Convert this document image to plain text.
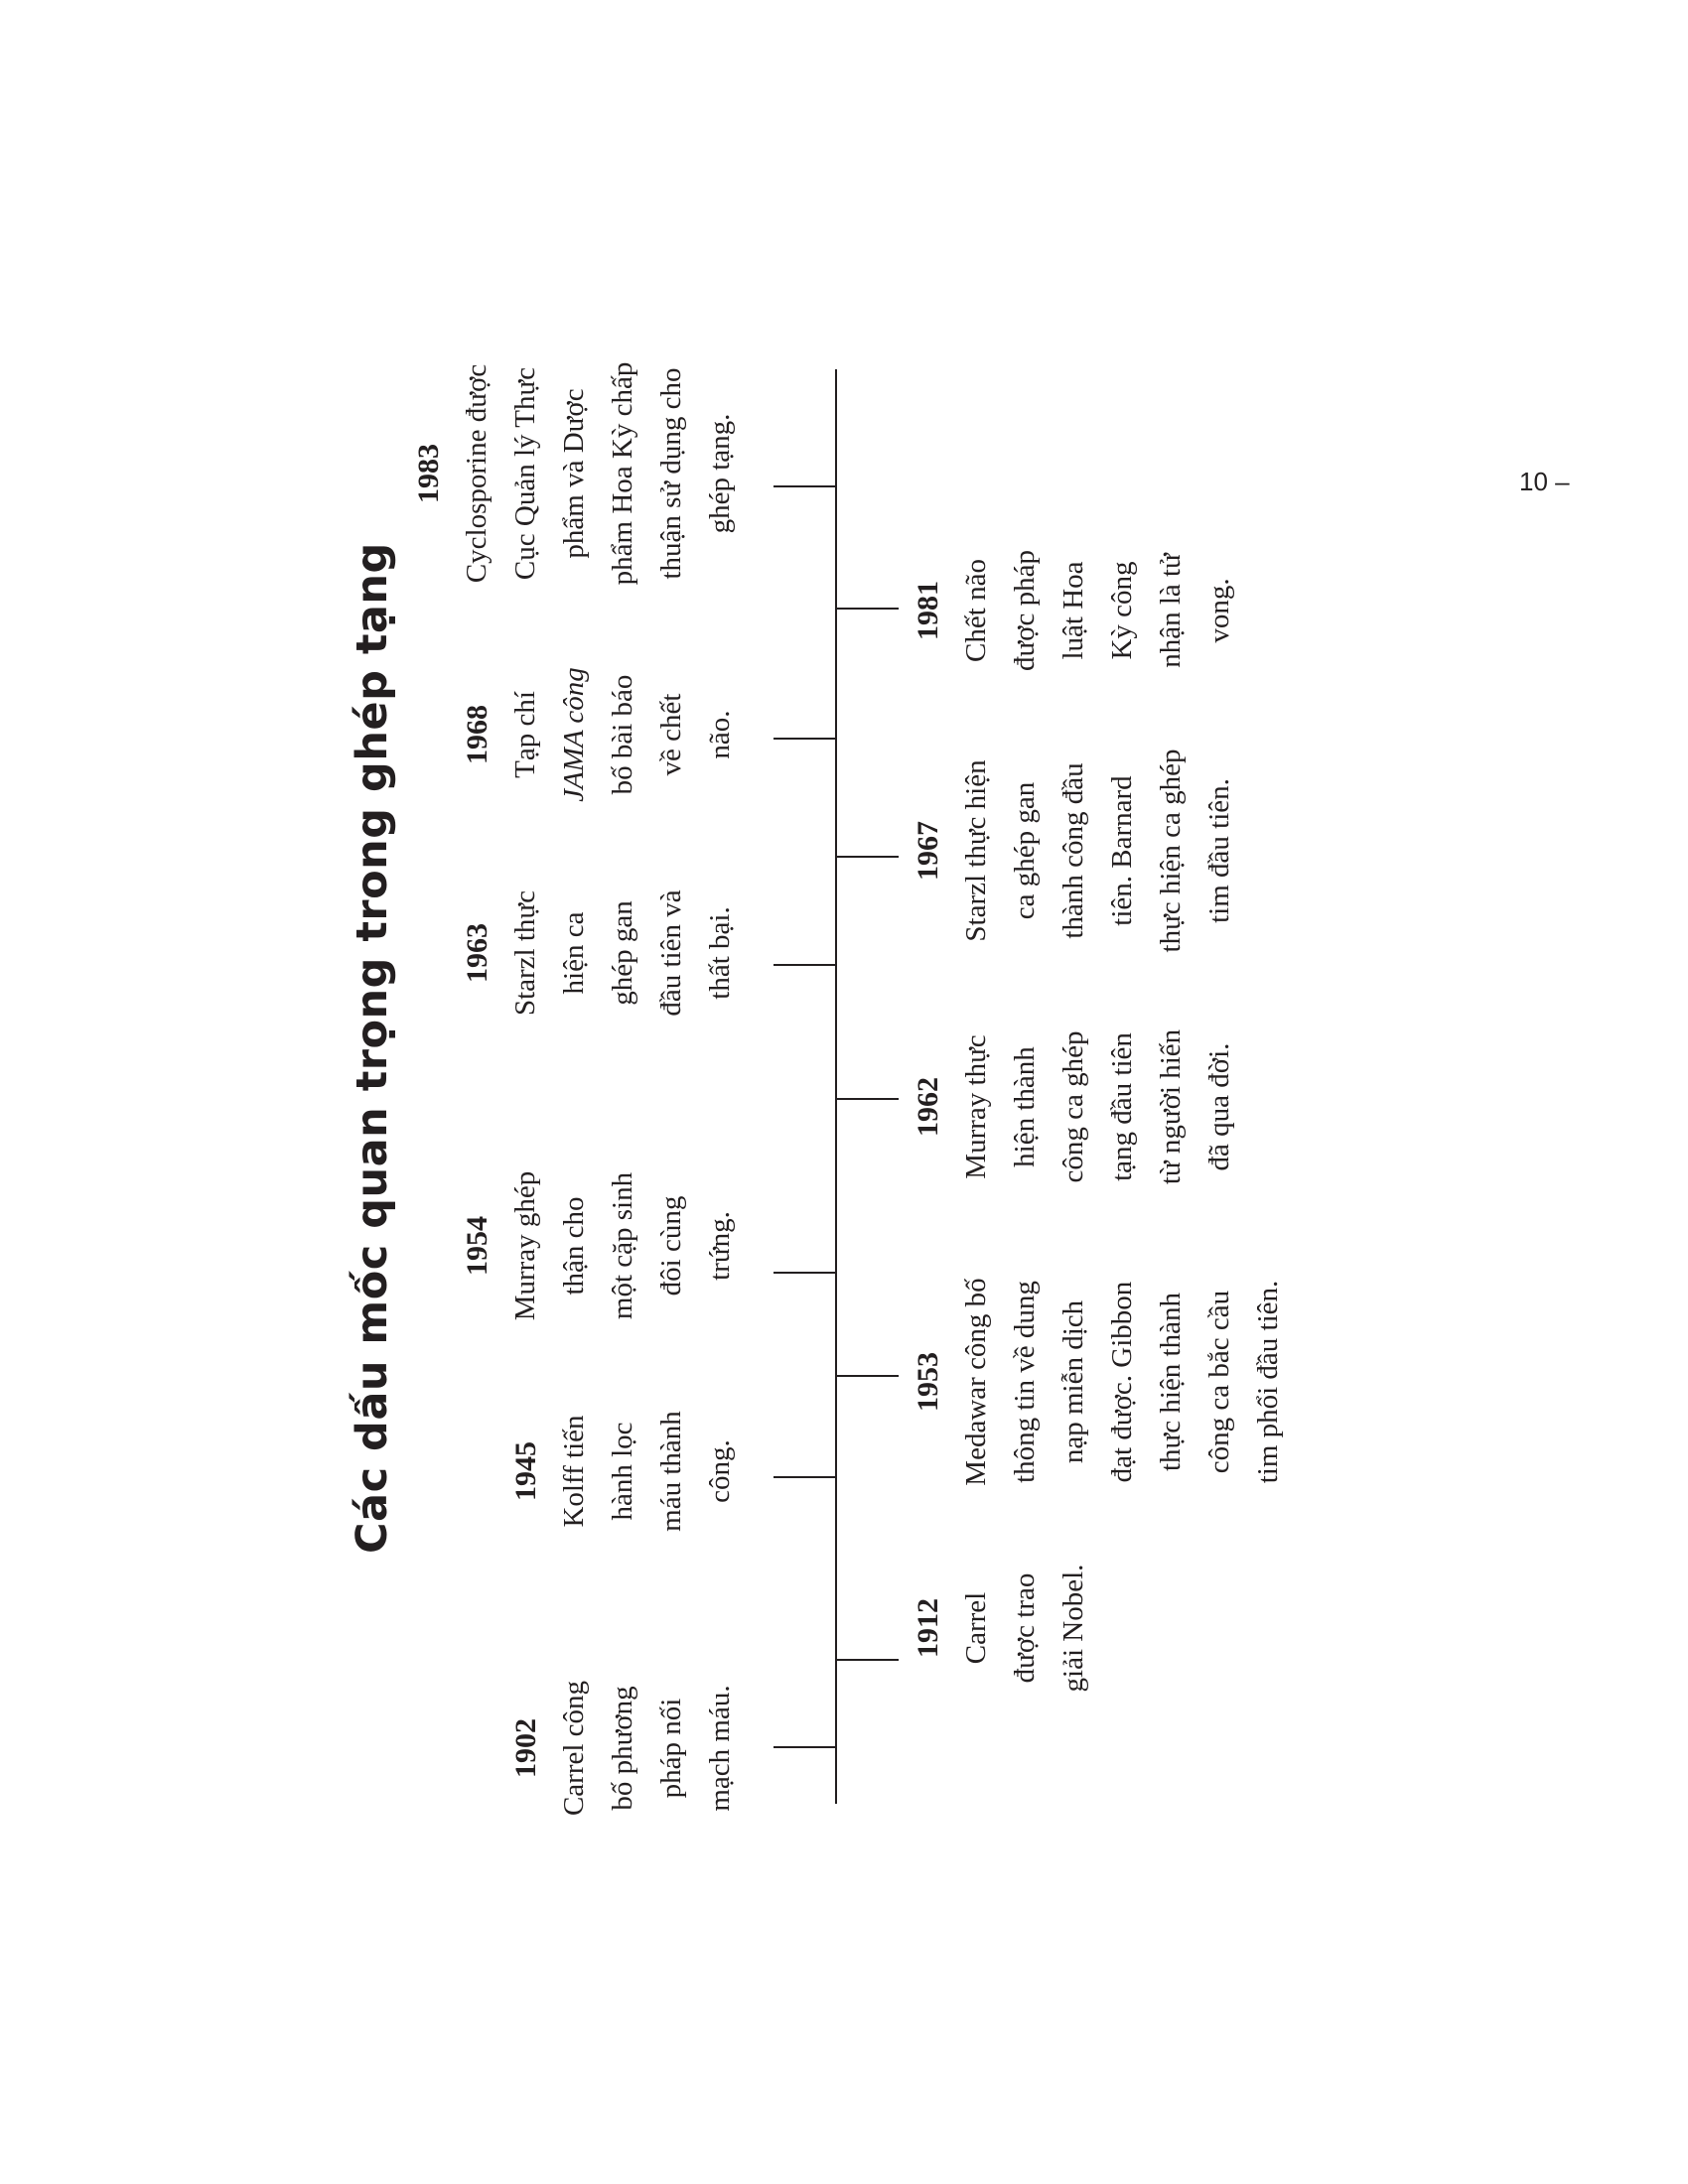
Các dấu mốc quan trọng trong ghép tạng
1902 Carrel công bố phương pháp nối mạch máu.
1945 Kolff tiến hành lọc máu thành công.
1954 Murray ghép thận cho một cặp sinh đôi cùng trứng.
1963 Starzl thực hiện ca ghép gan đầu tiên và thất bại.
1968 Tạp chí JAMA công bố bài báo về chết não.
1983 Cyclosporine được Cục Quản lý Thực phẩm và Dược phẩm Hoa Kỳ chấp thuận sử dụng cho ghép tạng.
1912 Carrel được trao giải Nobel.
1953 Medawar công bố thông tin về dung nạp miễn dịch đạt được. Gibbon thực hiện thành công ca bắc cầu tim phổi đầu tiên.
1962 Murray thực hiện thành công ca ghép tạng đầu tiên từ người hiến đã qua đời.
1967 Starzl thực hiện ca ghép gan thành công đầu tiên. Barnard thực hiện ca ghép tim đầu tiên.
1981 Chết não được pháp luật Hoa Kỳ công nhận là tử vong.
10 –
